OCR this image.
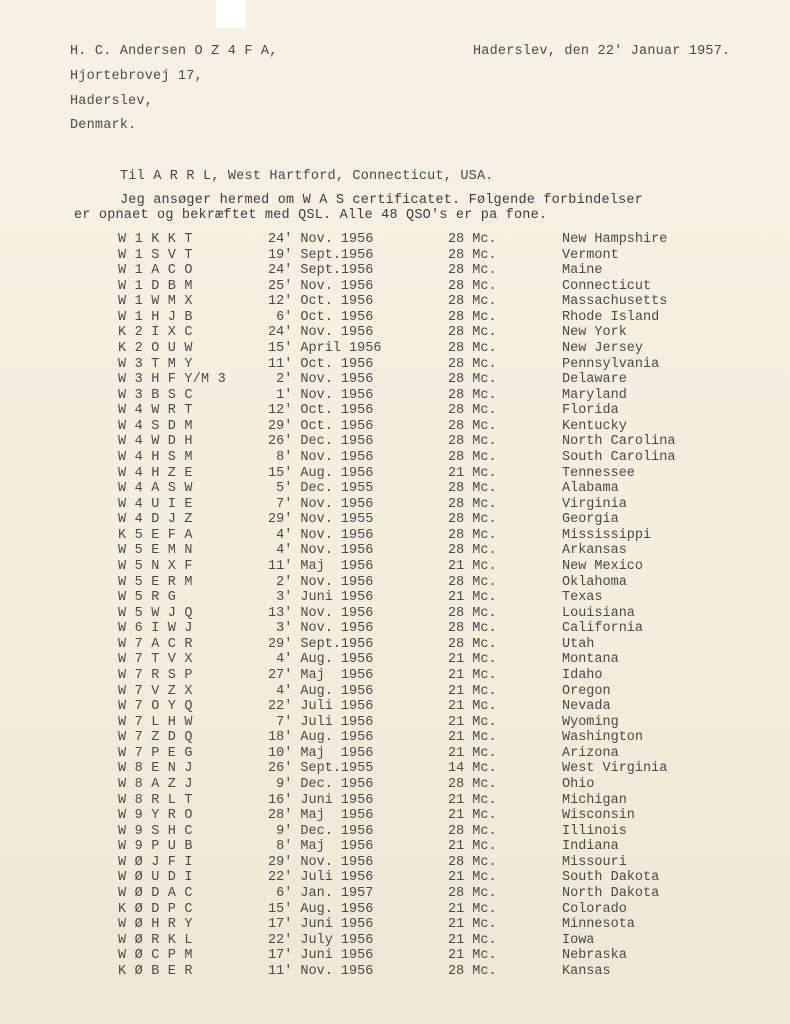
H. C. Andersen O Z 4 F A,
Hjortebrovej 17,
Haderslev,
Denmark.
Haderslev, den 22' Januar 1957.
Til A R R L, West Hartford, Connecticut, USA.
Jeg ansøger hermed om W A S certificatet. Følgende forbindelser
er opnaet og bekræftet med QSL. Alle 48 QSO's er pa fone.
W 1 K K T	24' Nov. 1956	28 Mc.	New Hampshire
W 1 S V T	19' Sept.1956	28 Mc.	Vermont
W 1 A C O	24' Sept.1956	28 Mc.	Maine
W 1 D B M	25' Nov. 1956	28 Mc.	Connecticut
W 1 W M X	12' Oct. 1956	28 Mc.	Massachusetts
W 1 H J B	6' Oct. 1956	28 Mc.	Rhode Island
K 2 I X C	24' Nov. 1956	28 Mc.	New York
K 2 O U W	15' April 1956	28 Mc.	New Jersey
W 3 T M Y	11' Oct. 1956	28 Mc.	Pennsylvania
W 3 H F Y/M 3	2' Nov. 1956	28 Mc.	Delaware
W 3 B S C	1' Nov. 1956	28 Mc.	Maryland
W 4 W R T	12' Oct. 1956	28 Mc.	Florida
W 4 S D M	29' Oct. 1956	28 Mc.	Kentucky
W 4 W D H	26' Dec. 1956	28 Mc.	North Carolina
W 4 H S M	8' Nov. 1956	28 Mc.	South Carolina
W 4 H Z E	15' Aug. 1956	21 Mc.	Tennessee
W 4 A S W	5' Dec. 1955	28 Mc.	Alabama
W 4 U I E	7' Nov. 1956	28 Mc.	Virginia
W 4 D J Z	29' Nov. 1955	28 Mc.	Georgia
K 5 E F A	4' Nov. 1956	28 Mc.	Mississippi
W 5 E M N	4' Nov. 1956	28 Mc.	Arkansas
W 5 N X F	11' Maj  1956	21 Mc.	New Mexico
W 5 E R M	2' Nov. 1956	28 Mc.	Oklahoma
W 5 R G	3' Juni 1956	21 Mc.	Texas
W 5 W J Q	13' Nov. 1956	28 Mc.	Louisiana
W 6 I W J	3' Nov. 1956	28 Mc.	California
W 7 A C R	29' Sept.1956	28 Mc.	Utah
W 7 T V X	4' Aug. 1956	21 Mc.	Montana
W 7 R S P	27' Maj  1956	21 Mc.	Idaho
W 7 V Z X	4' Aug. 1956	21 Mc.	Oregon
W 7 O Y Q	22' Juli 1956	21 Mc.	Nevada
W 7 L H W	7' Juli 1956	21 Mc.	Wyoming
W 7 Z D Q	18' Aug. 1956	21 Mc.	Washington
W 7 P E G	10' Maj  1956	21 Mc.	Arizona
W 8 E N J	26' Sept.1955	14 Mc.	West Virginia
W 8 A Z J	9' Dec. 1956	28 Mc.	Ohio
W 8 R L T	16' Juni 1956	21 Mc.	Michigan
W 9 Y R O	28' Maj  1956	21 Mc.	Wisconsin
W 9 S H C	9' Dec. 1956	28 Mc.	Illinois
W 9 P U B	8' Maj  1956	21 Mc.	Indiana
W Ø J F I	29' Nov. 1956	28 Mc.	Missouri
W Ø U D I	22' Juli 1956	21 Mc.	South Dakota
W Ø D A C	6' Jan. 1957	28 Mc.	North Dakota
K Ø D P C	15' Aug. 1956	21 Mc.	Colorado
W Ø H R Y	17' Juni 1956	21 Mc.	Minnesota
W Ø R K L	22' July 1956	21 Mc.	Iowa
W Ø C P M	17' Juni 1956	21 Mc.	Nebraska
K Ø B E R	11' Nov. 1956	28 Mc.	Kansas
